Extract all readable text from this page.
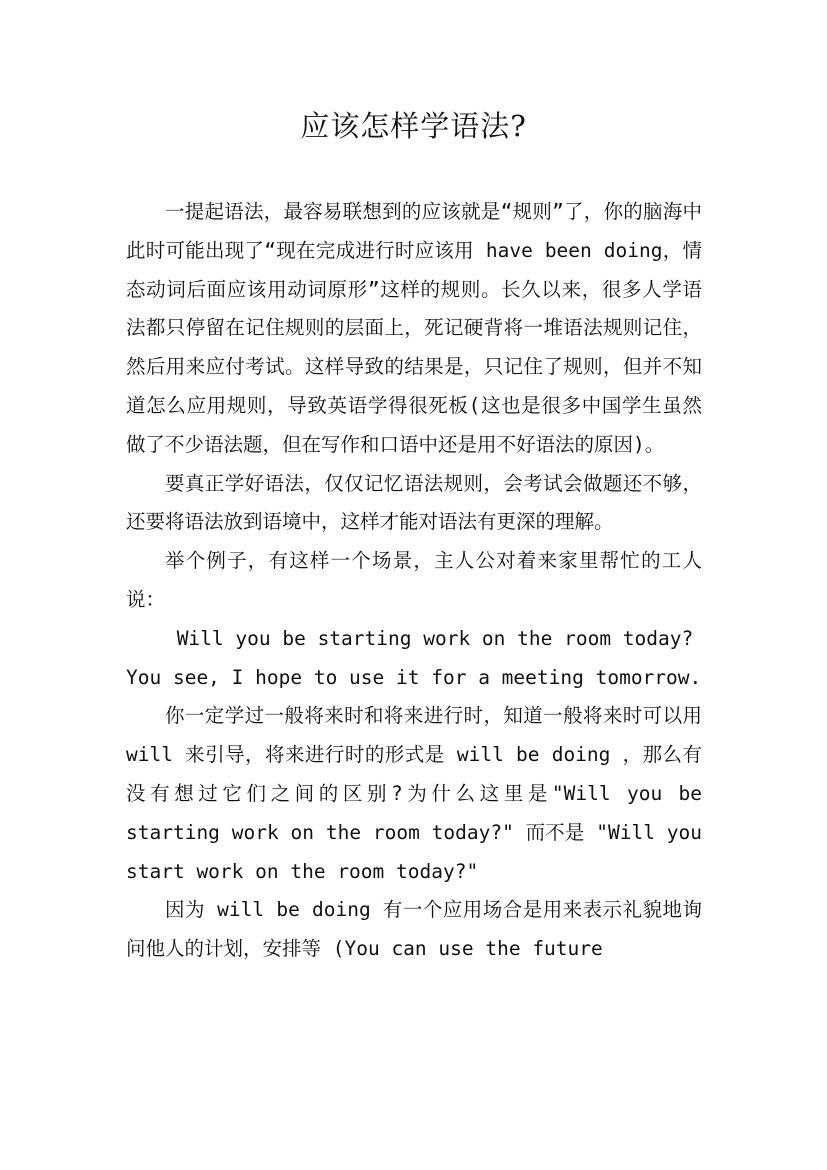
应该怎样学语法?

一提起语法，最容易联想到的应该就是“规则”了，你的脑海中此时可能出现了“现在完成进行时应该用 have been doing，情态动词后面应该用动词原形”这样的规则。长久以来，很多人学语法都只停留在记住规则的层面上，死记硬背将一堆语法规则记住，然后用来应付考试。这样导致的结果是，只记住了规则，但并不知道怎么应用规则，导致英语学得很死板(这也是很多中国学生虽然做了不少语法题，但在写作和口语中还是用不好语法的原因)。

要真正学好语法，仅仅记忆语法规则，会考试会做题还不够，还要将语法放到语境中，这样才能对语法有更深的理解。

举个例子，有这样一个场景，主人公对着来家里帮忙的工人说：

Will you be starting work on the room today?
You see, I hope to use it for a meeting tomorrow.

你一定学过一般将来时和将来进行时，知道一般将来时可以用 will 来引导，将来进行时的形式是 will be doing ，那么有没有想过它们之间的区别?为什么这里是"Will you be starting work on the room today?" 而不是 "Will you start work on the room today?"

因为 will be doing 有一个应用场合是用来表示礼貌地询问他人的计划，安排等 (You can use the future
